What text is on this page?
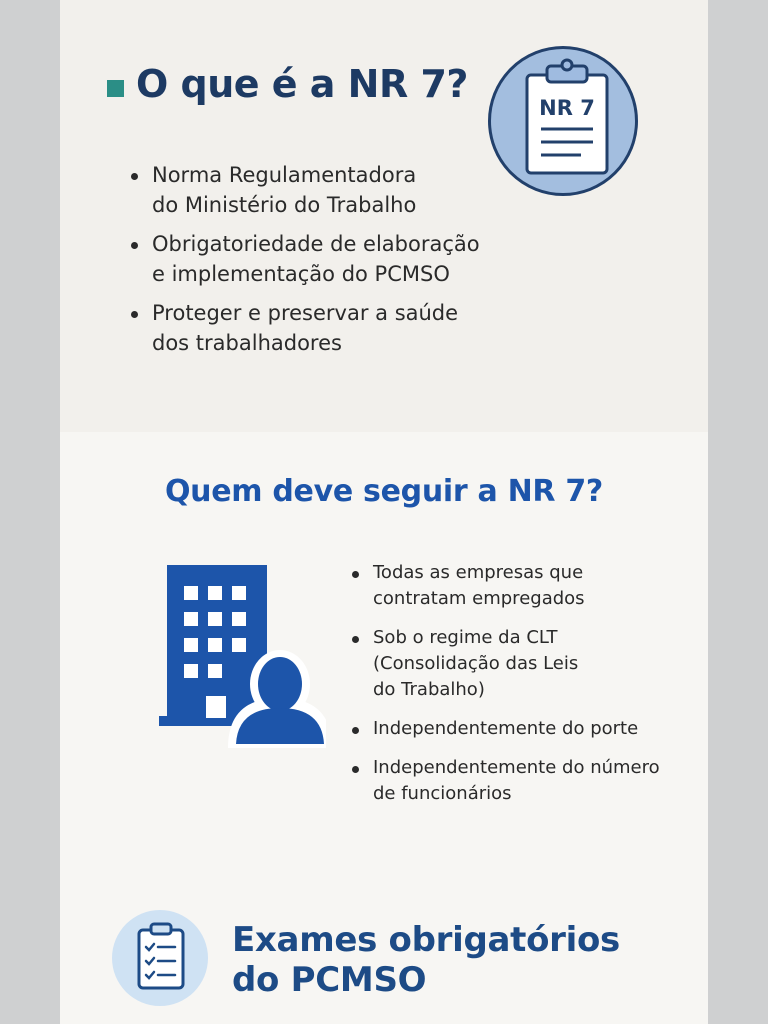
O que é a NR 7?
NR 7
Norma Regulamentadora
do Ministério do Trabalho
Obrigatoriedade de elaboração
e implementação do PCMSO
Proteger e preservar a saúde
dos trabalhadores
Quem deve seguir a NR 7?
Todas as empresas que
contratam empregados
Sob o regime da CLT
(Consolidação das Leis
do Trabalho)
Independentemente do porte
Independentemente do número
de funcionários
Exames obrigatórios
do PCMSO
